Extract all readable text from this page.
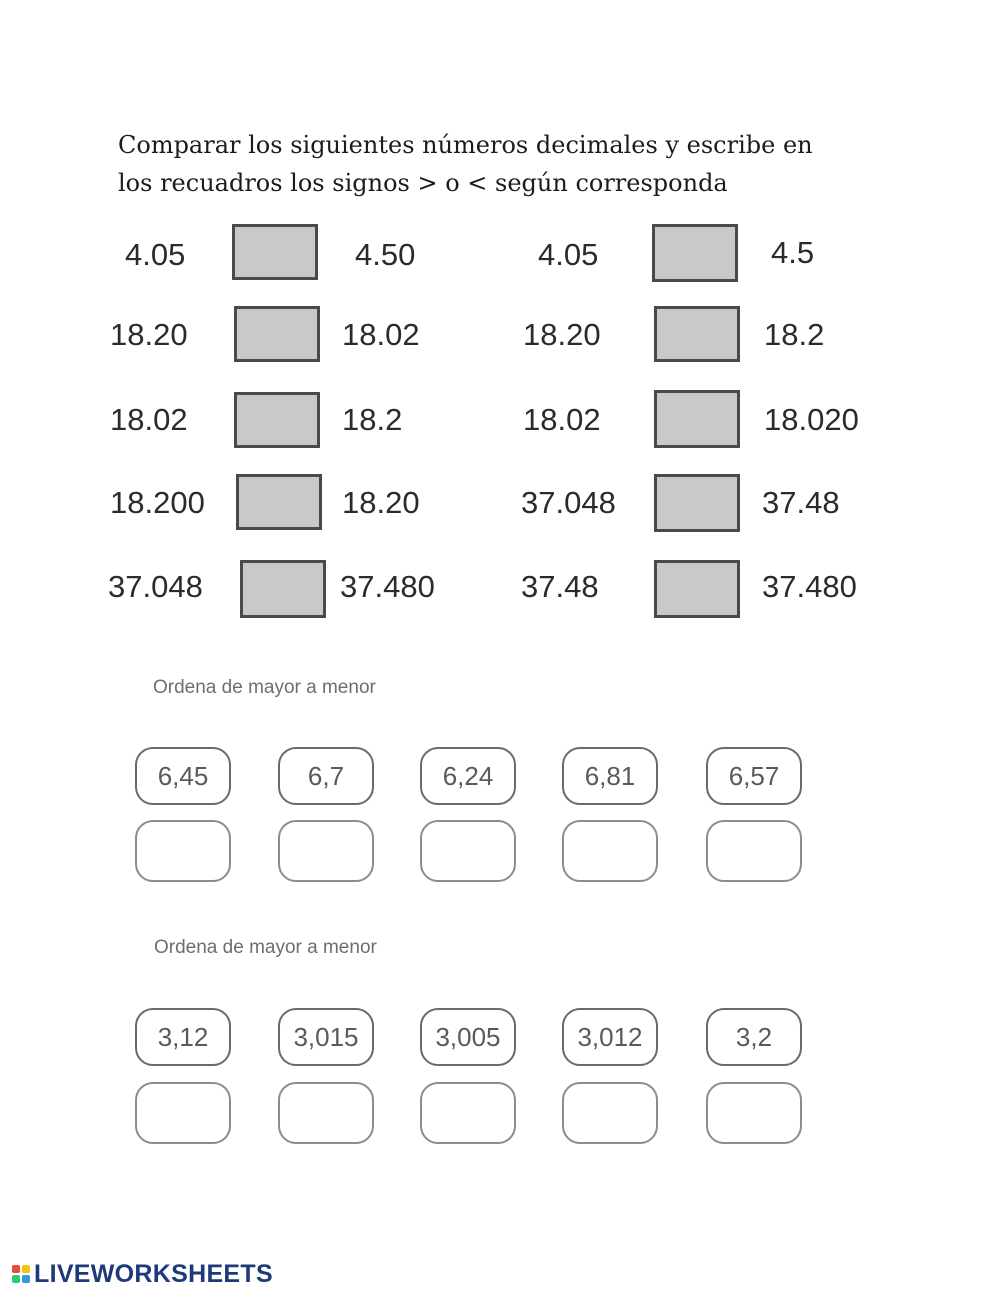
Comparar los siguientes números decimales y escribe en
los recuadros los signos > o < según corresponda

4.05	4.50
18.20	18.02
18.02	18.2
18.200	18.20
37.048	37.480
4.05	4.5
18.20	18.2
18.02	18.020
37.048	37.48
37.48	37.480

Ordena de mayor a menor

6,45	6,7	6,24	6,81	6,57

Ordena de mayor a menor

3,12	3,015	3,005	3,012	3,2
LIVEWORKSHEETS
